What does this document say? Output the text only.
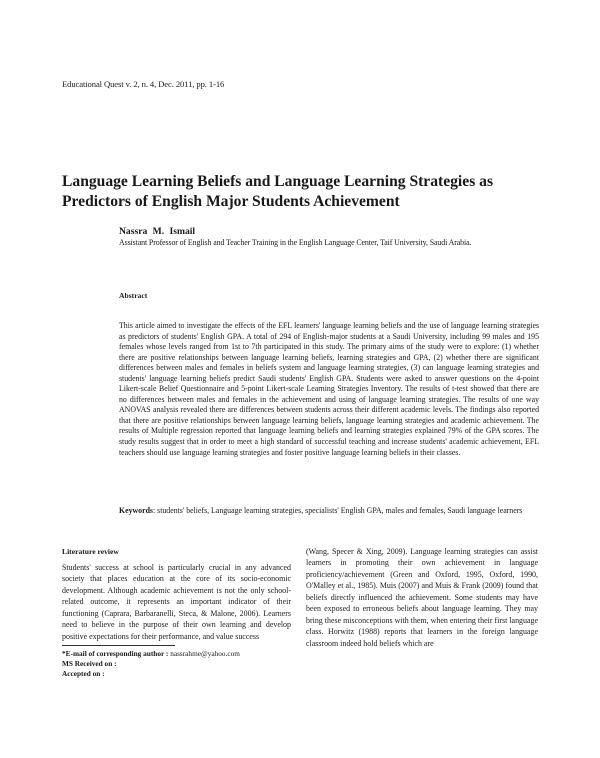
Educational Quest v. 2, n. 4, Dec. 2011, pp. 1-16
Language Learning Beliefs and Language Learning Strategies as Predictors of English Major Students Achievement
Nassra M. Ismail
Assistant Professor of English and Teacher Training in the English Language Center, Taif University, Saudi Arabia.
Abstract
This article aimed to investigate the effects of the EFL learners' language learning beliefs and the use of language learning strategies as predictors of students' English GPA. A total of 294 of English-major students at a Saudi University, including 99 males and 195 females whose levels ranged from 1st to 7th participated in this study. The primary aims of the study were to explore: (1) whether there are positive relationships between language learning beliefs, learning strategies and GPA, (2) whether there are significant differences between males and females in beliefs system and language learning strategies, (3) can language learning strategies and students' language learning beliefs predict Saudi students' English GPA. Students were asked to answer questions on the 4-point Likert-scale Belief Questionnaire and 5-point Likert-scale Learning Strategies Inventory. The results of t-test showed that there are no differences between males and females in the achievement and using of language learning strategies. The results of one way ANOVAS analysis revealed there are differences between students across their different academic levels. The findings also reported that there are positive relationships between language learning beliefs, language learning strategies and academic achievement. The results of Multiple regression reported that language learning beliefs and learning strategies explained 79% of the GPA scores. The study results suggest that in order to meet a high standard of successful teaching and increase students' academic achievement, EFL teachers should use language learning strategies and foster positive language learning beliefs in their classes.
Keywords: students' beliefs, Language learning strategies, specialists' English GPA, males and females, Saudi language learners
Literature review
Students' success at school is particularly crucial in any advanced society that places education at the core of its socio-economic development. Although academic achievement is not the only school-related outcome, it represents an important indicator of their functioning (Caprara, Barbaranelli, Steca, & Malone, 2006). Learners need to believe in the purpose of their own learning and develop positive expectations for their performance, and value success
(Wang, Specer & Xing, 2009). Language learning strategies can assist learners in promoting their own achievement in language proficiency/achievement (Green and Oxford, 1995, Oxford, 1990, O'Malley et al., 1985). Muis (2007) and Muis & Frank (2009) found that beliefs directly influenced the achievement. Some students may have been exposed to erroneous beliefs about language learning. They may bring these misconceptions with them, when entering their first language class. Horwitz (1988) reports that learners in the foreign language classroom indeed hold beliefs which are
*E-mail of corresponding author : nassrahme@yahoo.com
MS Received on :
Accepted on :
